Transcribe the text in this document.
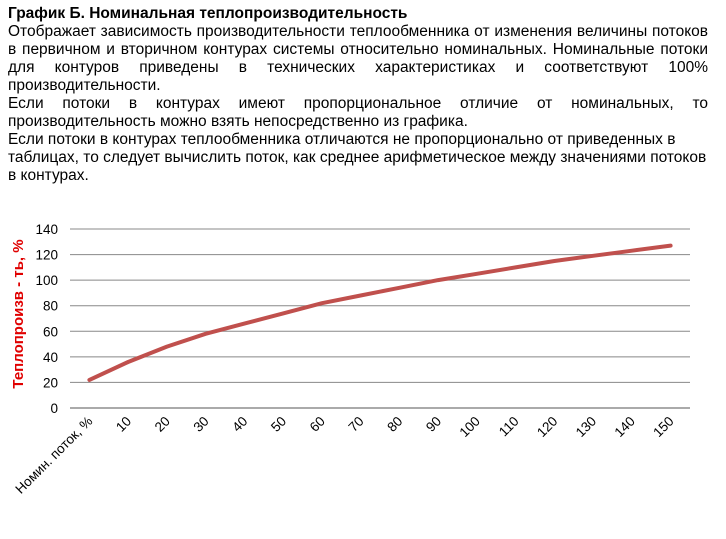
График Б. Номинальная теплопроизводительность

Отображает зависимость производительности теплообменника от изменения величины потоков в первичном и вторичном контурах системы относительно номинальных. Номинальные потоки для контуров приведены в технических характеристиках и соответствуют 100% производительности.

Если потоки в контурах имеют пропорциональное отличие от номинальных, то производительность можно взять непосредственно из графика.

Если потоки в контурах теплообменника отличаются не пропорционально от приведенных в таблицах, то следует вычислить поток, как среднее арифметическое между значениями потоков в контурах.

0
20
40
60
80
100
120
140
Номин. поток, % 10 20 30 40 50 60 70 80 90 100 110 120 130 140 150
Теплопроизв - ть, %
